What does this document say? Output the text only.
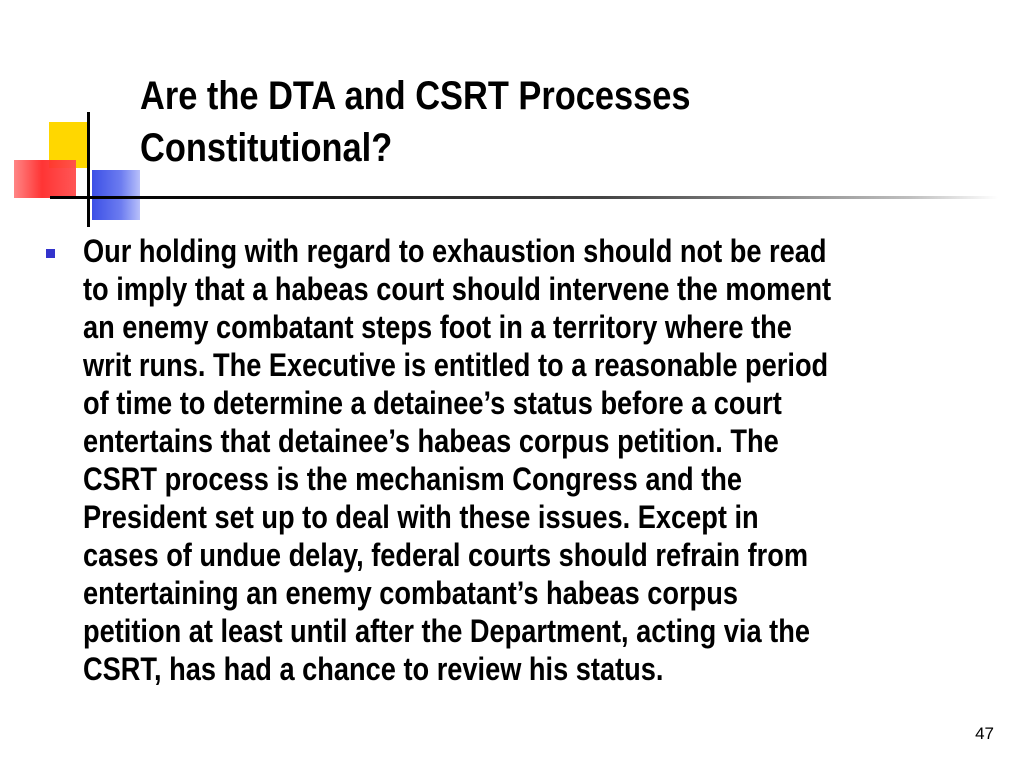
Are the DTA and CSRT Processes
Constitutional?
Our holding with regard to exhaustion should not be read
to imply that a habeas court should intervene the moment
an enemy combatant steps foot in a territory where the
writ runs. The Executive is entitled to a reasonable period
of time to determine a detainee’s status before a court
entertains that detainee’s habeas corpus petition. The
CSRT process is the mechanism Congress and the
President set up to deal with these issues. Except in
cases of undue delay, federal courts should refrain from
entertaining an enemy combatant’s habeas corpus
petition at least until after the Department, acting via the
CSRT, has had a chance to review his status.
47
